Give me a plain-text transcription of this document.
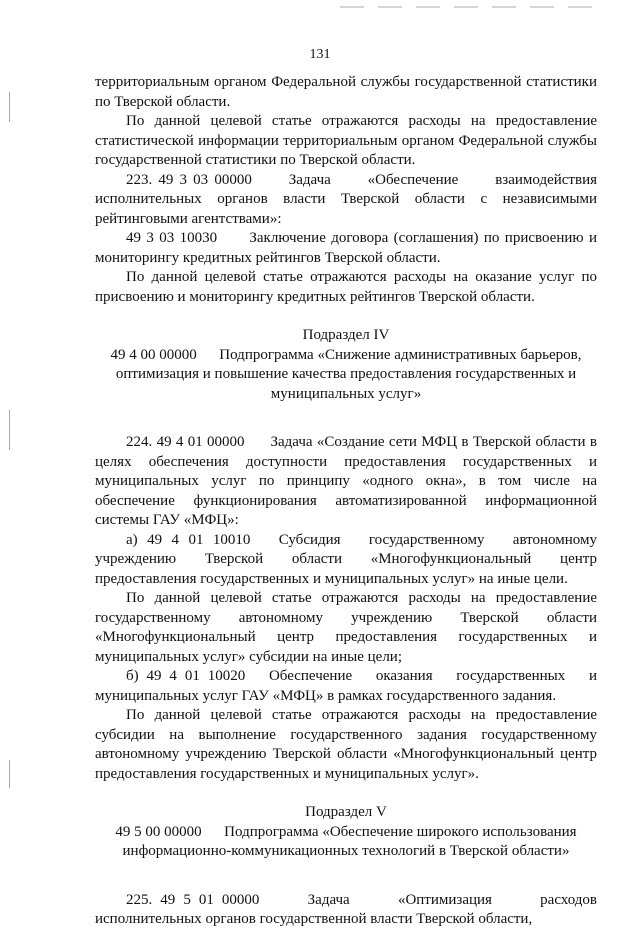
131

территориальным органом Федеральной службы государственной статистики по Тверской области.

По данной целевой статье отражаются расходы на предоставление статистической информации территориальным органом Федеральной службы государственной статистики по Тверской области.

223. 49 3 03 00000      Задача      «Обеспечение      взаимодействия исполнительных органов власти Тверской области с независимыми рейтинговыми агентствами»:

49 3 03 10030      Заключение договора (соглашения) по присвоению и мониторингу кредитных рейтингов Тверской области.

По данной целевой статье отражаются расходы на оказание услуг по присвоению и мониторингу кредитных рейтингов Тверской области.

Подраздел IV

49 4 00 00000      Подпрограмма «Снижение административных барьеров,

оптимизация и повышение качества предоставления государственных и

муниципальных услуг»

224. 49 4 01 00000      Задача «Создание сети МФЦ в Тверской области в целях обеспечения доступности предоставления государственных и муниципальных услуг по принципу «одного окна», в том числе на обеспечение функционирования автоматизированной информационной системы ГАУ «МФЦ»:

а) 49 4 01 10010   Субсидия   государственному   автономному учреждению Тверской области «Многофункциональный центр предоставления государственных и муниципальных услуг» на иные цели.

По данной целевой статье отражаются расходы на предоставление государственному автономному учреждению Тверской области «Многофункциональный центр предоставления государственных и муниципальных услуг» субсидии на иные цели;

б) 49 4 01 10020   Обеспечение   оказания   государственных   и муниципальных услуг ГАУ «МФЦ» в рамках государственного задания.

По данной целевой статье отражаются расходы на предоставление субсидии на выполнение государственного задания государственному автономному учреждению Тверской области «Многофункциональный центр предоставления государственных и муниципальных услуг».

Подраздел V

49 5 00 00000      Подпрограмма «Обеспечение широкого использования

информационно-коммуникационных технологий в Тверской области»

225. 49 5 01 00000      Задача      «Оптимизация      расходов исполнительных органов государственной власти Тверской области,
